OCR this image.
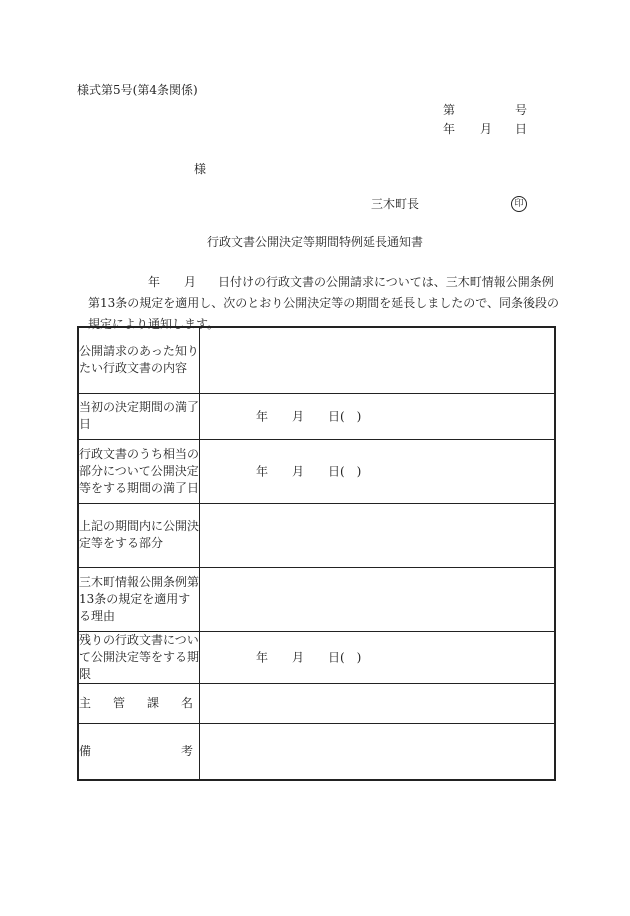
様式第5号(第4条関係)
第	号
年 月 日
様
三木町長	印
行政文書公開決定等期間特例延長通知書
年 月 日付けの行政文書の公開請求については、三木町情報公開条例
第13条の規定を適用し、次のとおり公開決定等の期間を延長しましたので、同条後段の
規定により通知します。
公開請求のあった知りたい行政文書の内容	
当初の決定期間の満了日	年　　月　　日(　)

行政文書のうち相当の部分について公開決定等をする期間の満了日	年　　月　　日(　)

上記の期間内に公開決定等をする部分	
三木町情報公開条例第13条の規定を適用する理由	
残りの行政文書について公開決定等をする期限	年　　月　　日(　)

主 管 課 名	

備 考	
